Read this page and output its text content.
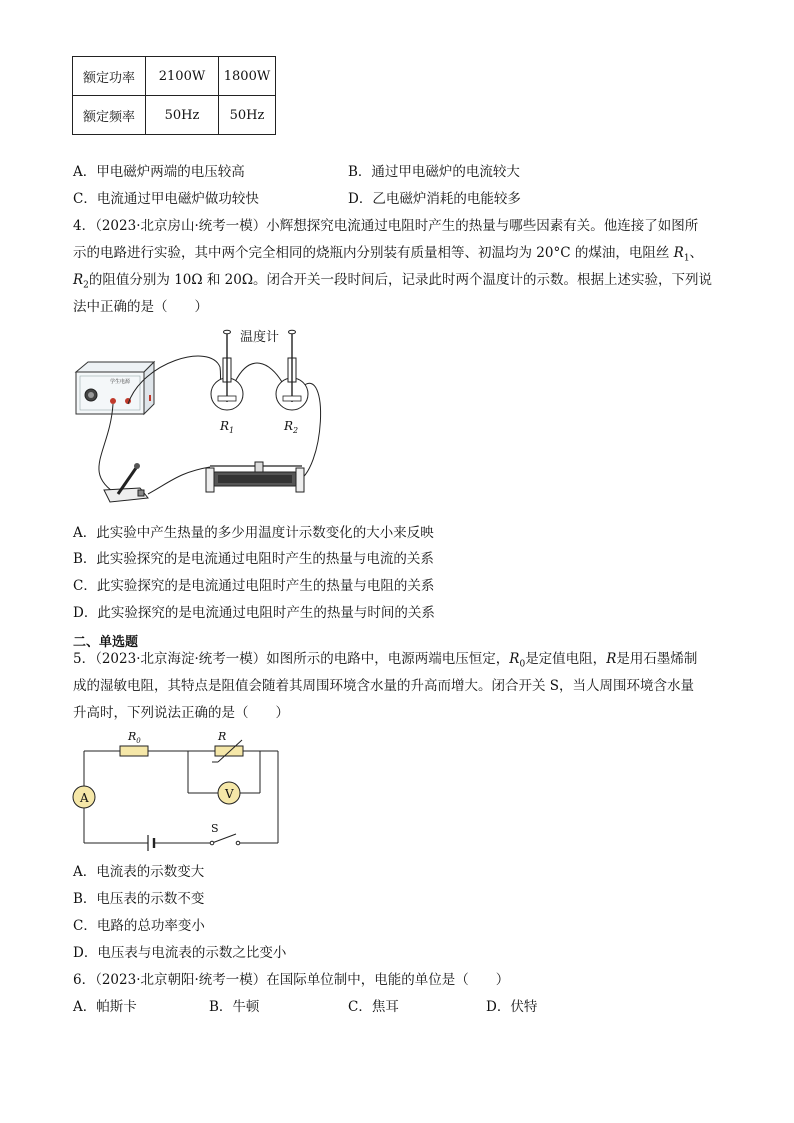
额定功率	2100W	1800W
额定频率	50Hz	50Hz
A．甲电磁炉两端的电压较高	B．通过甲电磁炉的电流较大
C．电流通过甲电磁炉做功较快	D．乙电磁炉消耗的电能较多
4．（2023·北京房山·统考一模）小辉想探究电流通过电阻时产生的热量与哪些因素有关。他连接了如图所
示的电路进行实验，其中两个完全相同的烧瓶内分别装有质量相等、初温均为 20°C 的煤油，电阻丝 $R_1$、
$R_2$的阻值分别为 10Ω 和 20Ω。闭合开关一段时间后，记录此时两个温度计的示数。根据上述实验，下列说
法中正确的是（　　）
学生电源
温度计
$R_1$	$R_2$
A．此实验中产生热量的多少用温度计示数变化的大小来反映
B．此实验探究的是电流通过电阻时产生的热量与电流的关系
C．此实验探究的是电流通过电阻时产生的热量与电阻的关系
D．此实验探究的是电流通过电阻时产生的热量与时间的关系
二、单选题
5．（2023·北京海淀·统考一模）如图所示的电路中，电源两端电压恒定，$R_0$是定值电阻，R是用石墨烯制
成的湿敏电阻，其特点是阻值会随着其周围环境含水量的升高而增大。闭合开关 S，当人周围环境含水量
升高时，下列说法正确的是（　　）
A	V
$R_0$	R
S
A．电流表的示数变大
B．电压表的示数不变
C．电路的总功率变小
D．电压表与电流表的示数之比变小
6．（2023·北京朝阳·统考一模）在国际单位制中，电能的单位是（　　）
A．帕斯卡	B．牛顿	C．焦耳	D．伏特
